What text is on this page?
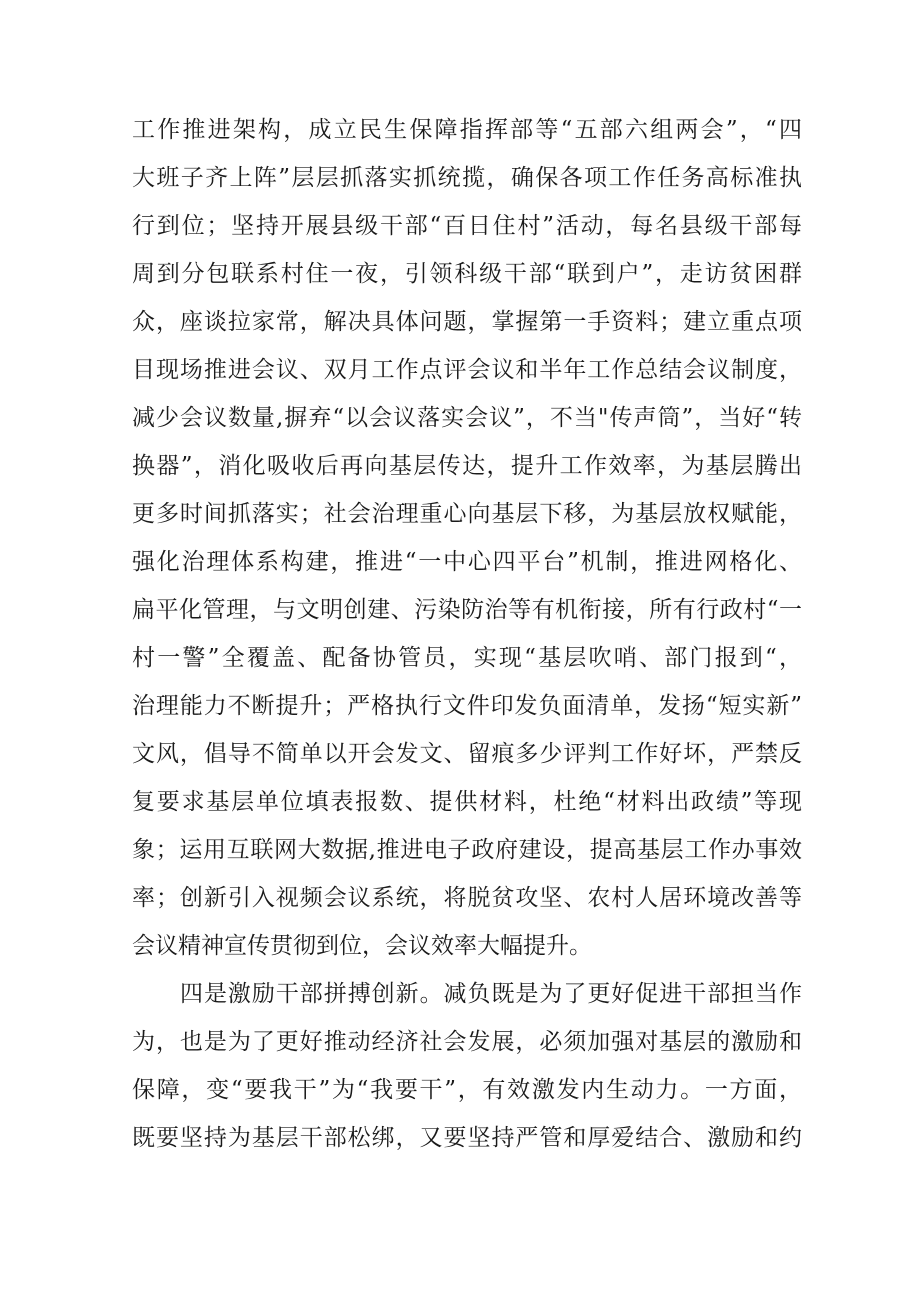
工作推进架构，成立民生保障指挥部等“五部六组两会”，“四
大班子齐上阵”层层抓落实抓统揽，确保各项工作任务高标准执
行到位；坚持开展县级干部“百日住村”活动，每名县级干部每
周到分包联系村住一夜，引领科级干部“联到户”，走访贫困群
众，座谈拉家常，解决具体问题，掌握第一手资料；建立重点项
目现场推进会议、双月工作点评会议和半年工作总结会议制度，
减少会议数量,摒弃“以会议落实会议”，不当"传声筒”，当好“转
换器”，消化吸收后再向基层传达，提升工作效率，为基层腾出
更多时间抓落实；社会治理重心向基层下移，为基层放权赋能，
强化治理体系构建，推进“一中心四平台”机制，推进网格化、
扁平化管理，与文明创建、污染防治等有机衔接，所有行政村“一
村一警”全覆盖、配备协管员，实现“基层吹哨、部门报到“，
治理能力不断提升；严格执行文件印发负面清单，发扬“短实新”
文风，倡导不简单以开会发文、留痕多少评判工作好坏，严禁反
复要求基层单位填表报数、提供材料，杜绝“材料出政绩”等现
象；运用互联网大数据,推进电子政府建设，提高基层工作办事效
率；创新引入视频会议系统，将脱贫攻坚、农村人居环境改善等
会议精神宣传贯彻到位，会议效率大幅提升。
四是激励干部拼搏创新。减负既是为了更好促进干部担当作
为，也是为了更好推动经济社会发展，必须加强对基层的激励和
保障，变“要我干”为“我要干”，有效激发内生动力。一方面，
既要坚持为基层干部松绑，又要坚持严管和厚爱结合、激励和约
